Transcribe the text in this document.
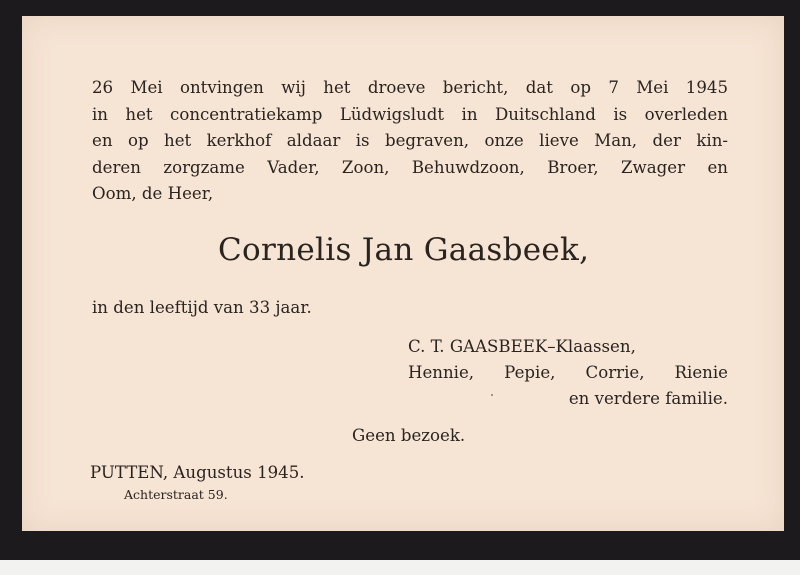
26 Mei ontvingen wij het droeve bericht, dat op 7 Mei 1945
in het concentratiekamp Lüdwigsludt in Duitschland is overleden
en op het kerkhof aldaar is begraven, onze lieve Man, der kin-
deren zorgzame Vader, Zoon, Behuwdzoon, Broer, Zwager en
Oom, de Heer,
Cornelis Jan Gaasbeek,
in den leeftijd van 33 jaar.
C. T. GAASBEEK–Klaassen,
Hennie, Pepie, Corrie, Rienie
en verdere familie.
Geen bezoek.
PUTTEN, Augustus 1945.
Achterstraat 59.
